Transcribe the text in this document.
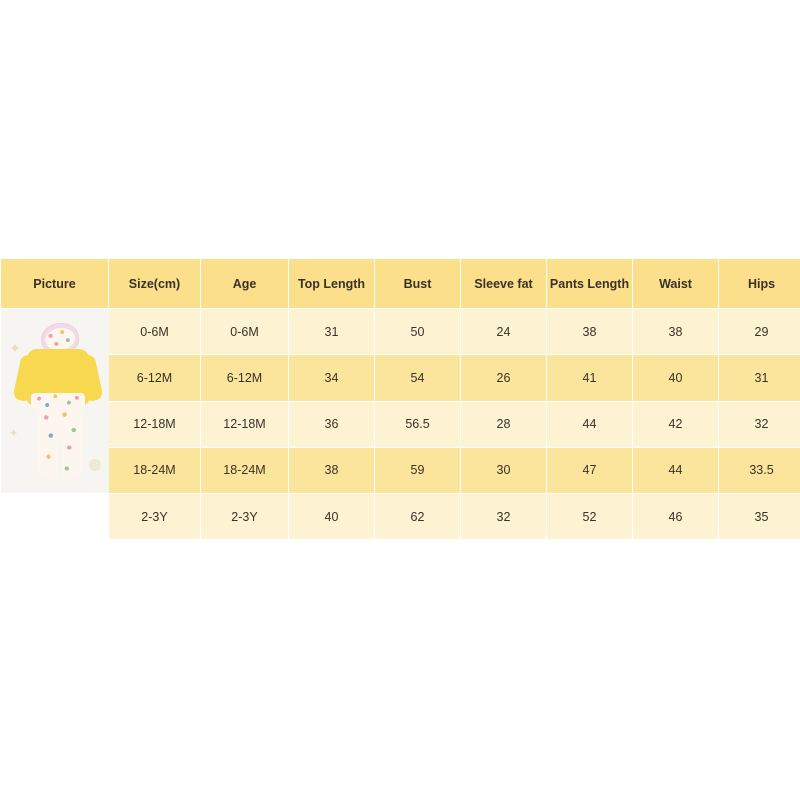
Picture	Size(cm)	Age	Top Length	Bust	Sleeve fat	Pants Length	Waist	Hips

✦
✦	0-6M	0-6M	31	50	24	38	38	29
	6-12M	6-12M	34	54	26	41	40	31
	12-18M	12-18M	36	56.5	28	44	42	32
	18-24M	18-24M	38	59	30	47	44	33.5
	2-3Y	2-3Y	40	62	32	52	46	35
